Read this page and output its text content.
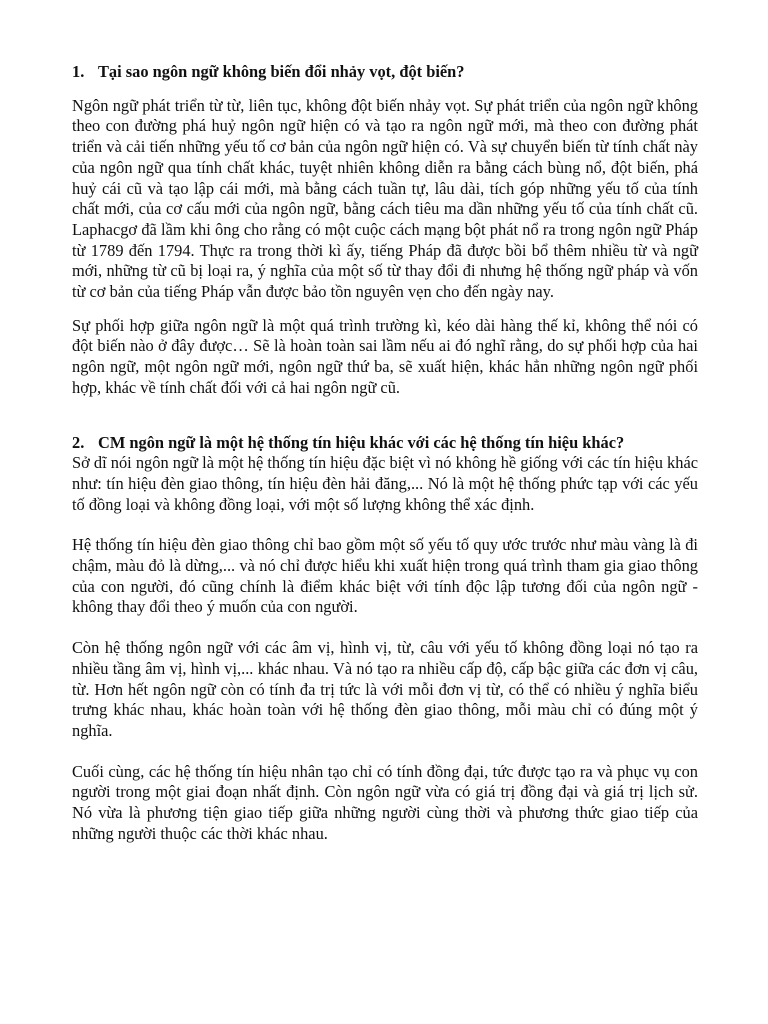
1. Tại sao ngôn ngữ không biến đổi nhảy vọt, đột biến?

Ngôn ngữ phát triển từ từ, liên tục, không đột biến nhảy vọt. Sự phát triển của ngôn ngữ không theo con đường phá huỷ ngôn ngữ hiện có và tạo ra ngôn ngữ mới, mà theo con đường phát triển và cải tiến những yếu tố cơ bản của ngôn ngữ hiện có. Và sự chuyển biến từ tính chất này của ngôn ngữ qua tính chất khác, tuyệt nhiên không diễn ra bằng cách bùng nổ, đột biến, phá huỷ cái cũ và tạo lập cái mới, mà bằng cách tuần tự, lâu dài, tích góp những yếu tố của tính chất mới, của cơ cấu mới của ngôn ngữ, bằng cách tiêu ma dần những yếu tố của tính chất cũ. Laphacgơ đã lầm khi ông cho rằng có một cuộc cách mạng bột phát nổ ra trong ngôn ngữ Pháp từ 1789 đến 1794. Thực ra trong thời kì ấy, tiếng Pháp đã được bồi bổ thêm nhiều từ và ngữ mới, những từ cũ bị loại ra, ý nghĩa của một số từ thay đổi đi nhưng hệ thống ngữ pháp và vốn từ cơ bản của tiếng Pháp vẫn được bảo tồn nguyên vẹn cho đến ngày nay.

Sự phối hợp giữa ngôn ngữ là một quá trình trường kì, kéo dài hàng thế kỉ, không thể nói có đột biến nào ở đây được… Sẽ là hoàn toàn sai lầm nếu ai đó nghĩ rằng, do sự phối hợp của hai ngôn ngữ, một ngôn ngữ mới, ngôn ngữ thứ ba, sẽ xuất hiện, khác hẳn những ngôn ngữ phối hợp, khác về tính chất đối với cả hai ngôn ngữ cũ.

2. CM ngôn ngữ là một hệ thống tín hiệu khác với các hệ thống tín hiệu khác?

Sở dĩ nói ngôn ngữ là một hệ thống tín hiệu đặc biệt vì nó không hề giống với các tín hiệu khác như: tín hiệu đèn giao thông, tín hiệu đèn hải đăng,... Nó là một hệ thống phức tạp với các yếu tố đồng loại và không đồng loại, với một số lượng không thể xác định.

Hệ thống tín hiệu đèn giao thông chỉ bao gồm một số yếu tố quy ước trước như màu vàng là đi chậm, màu đỏ là dừng,... và nó chỉ được hiểu khi xuất hiện trong quá trình tham gia giao thông của con người, đó cũng chính là điểm khác biệt với tính độc lập tương đối của ngôn ngữ - không thay đổi theo ý muốn của con người.

Còn hệ thống ngôn ngữ với các âm vị, hình vị, từ, câu với yếu tố không đồng loại nó tạo ra nhiều tầng âm vị, hình vị,... khác nhau. Và nó tạo ra nhiều cấp độ, cấp bậc giữa các đơn vị câu, từ. Hơn hết ngôn ngữ còn có tính đa trị tức là với mỗi đơn vị từ, có thể có nhiều ý nghĩa biểu trưng khác nhau, khác hoàn toàn với hệ thống đèn giao thông, mỗi màu chỉ có đúng một ý nghĩa.

Cuối cùng, các hệ thống tín hiệu nhân tạo chỉ có tính đồng đại, tức được tạo ra và phục vụ con người trong một giai đoạn nhất định. Còn ngôn ngữ vừa có giá trị đồng đại và giá trị lịch sử. Nó vừa là phương tiện giao tiếp giữa những người cùng thời và phương thức giao tiếp của những người thuộc các thời khác nhau.
